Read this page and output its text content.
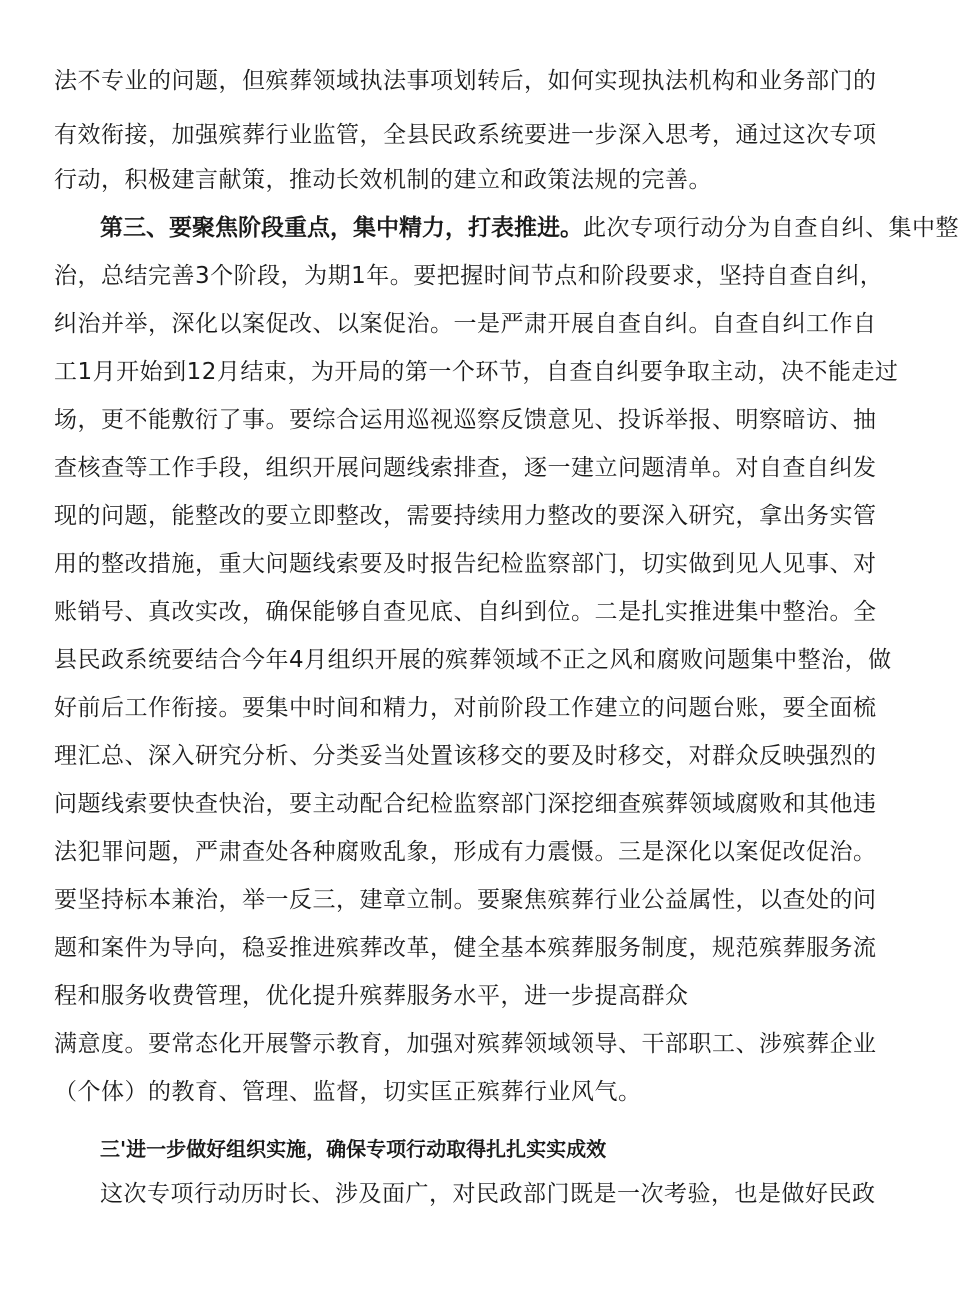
法不专业的问题，但殡葬领域执法事项划转后，如何实现执法机构和业务部门的
有效衔接，加强殡葬行业监管，全县民政系统要进一步深入思考，通过这次专项
行动，积极建言献策，推动长效机制的建立和政策法规的完善。
第三、要聚焦阶段重点，集中精力，打表推进。此次专项行动分为自查自纠、集中整
治，总结完善3个阶段，为期1年。要把握时间节点和阶段要求，坚持自查自纠，
纠治并举，深化以案促改、以案促治。一是严肃开展自查自纠。自查自纠工作自
工1月开始到12月结束，为开局的第一个环节，自查自纠要争取主动，决不能走过
场，更不能敷衍了事。要综合运用巡视巡察反馈意见、投诉举报、明察暗访、抽
查核查等工作手段，组织开展问题线索排查，逐一建立问题清单。对自查自纠发
现的问题，能整改的要立即整改，需要持续用力整改的要深入研究，拿出务实管
用的整改措施，重大问题线索要及时报告纪检监察部门，切实做到见人见事、对
账销号、真改实改，确保能够自查见底、自纠到位。二是扎实推进集中整治。全
县民政系统要结合今年4月组织开展的殡葬领域不正之风和腐败问题集中整治，做
好前后工作衔接。要集中时间和精力，对前阶段工作建立的问题台账，要全面梳
理汇总、深入研究分析、分类妥当处置该移交的要及时移交，对群众反映强烈的
问题线索要快查快治，要主动配合纪检监察部门深挖细查殡葬领域腐败和其他违
法犯罪问题，严肃查处各种腐败乱象，形成有力震慑。三是深化以案促改促治。
要坚持标本兼治，举一反三，建章立制。要聚焦殡葬行业公益属性，以查处的问
题和案件为导向，稳妥推进殡葬改革，健全基本殡葬服务制度，规范殡葬服务流
程和服务收费管理，优化提升殡葬服务水平，进一步提高群众
满意度。要常态化开展警示教育，加强对殡葬领域领导、干部职工、涉殡葬企业
（个体）的教育、管理、监督，切实匡正殡葬行业风气。
三'进一步做好组织实施，确保专项行动取得扎扎实实成效
这次专项行动历时长、涉及面广，对民政部门既是一次考验，也是做好民政
